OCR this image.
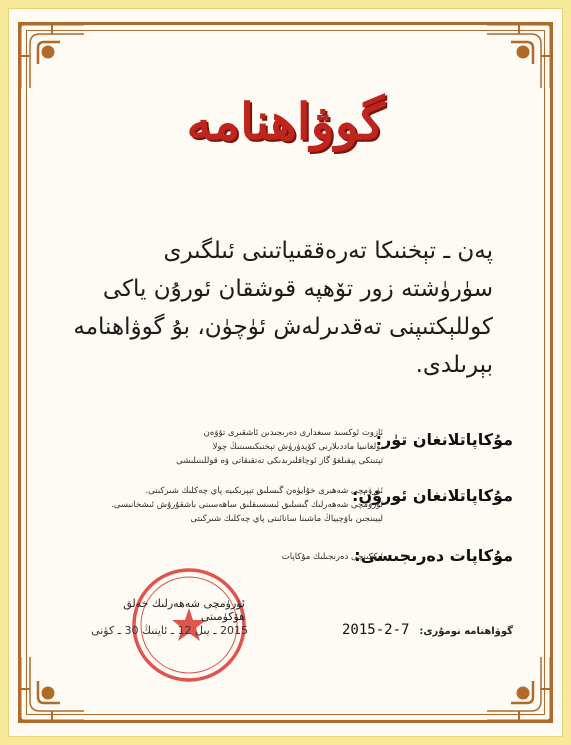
گوۋاھنامە

پەن ـ تېخنىكا تەرەققىياتىنى ئىلگىرى

سۈرۈشتە زور تۆھپە قوشقان ئورۇن ياكى

كوللېكتىپنى تەقدىرلەش ئۈچۈن، بۇ گوۋاھنامە

بېرىلدى.

مۇكاپاتلانغان تۈر:

ئازوت ئوكسىد سىغدارى دەرىجىدىن ئاشقىرى تۆۋەن

بولغانىيا ماددىلارنى كۆيدۈرۈش تېخنىكىسىنىڭ چولا

تېتىنكى يېقىلغۇ گاز ئوچاقلىرىدىكى تەتقىقاتى ۋە قوللىنىلىشى

مۇكاپاتلانغان ئورۇن:

ئۈرۈمچى شەھىرى خۇايۈەن گىسلىق تېپرىكىيە پاي چەكلىك شىركىتى.

ئۈرۈمچى شەھەرلىك گىسلىق ئىسسىقلىق ساھەسىنى باشقۇرۇش ئىشخانىسى.

لېيىنجىن باۋچېياڭ ماشىنا سانائىتى پاي چەكلىك شىركىتى

مۇكاپات دەرىجىسى:

ئىككىنچى دەرىجىلىك مۇكاپات

ئۈرۈمچى شەھەرلىك خەلق ھۆكۈمىتى
2015 ـ يىل 12 ـ ئاينىڭ 30 ـ كۈنى	2015-2-7 گوۋاھنامە نومۇرى:
